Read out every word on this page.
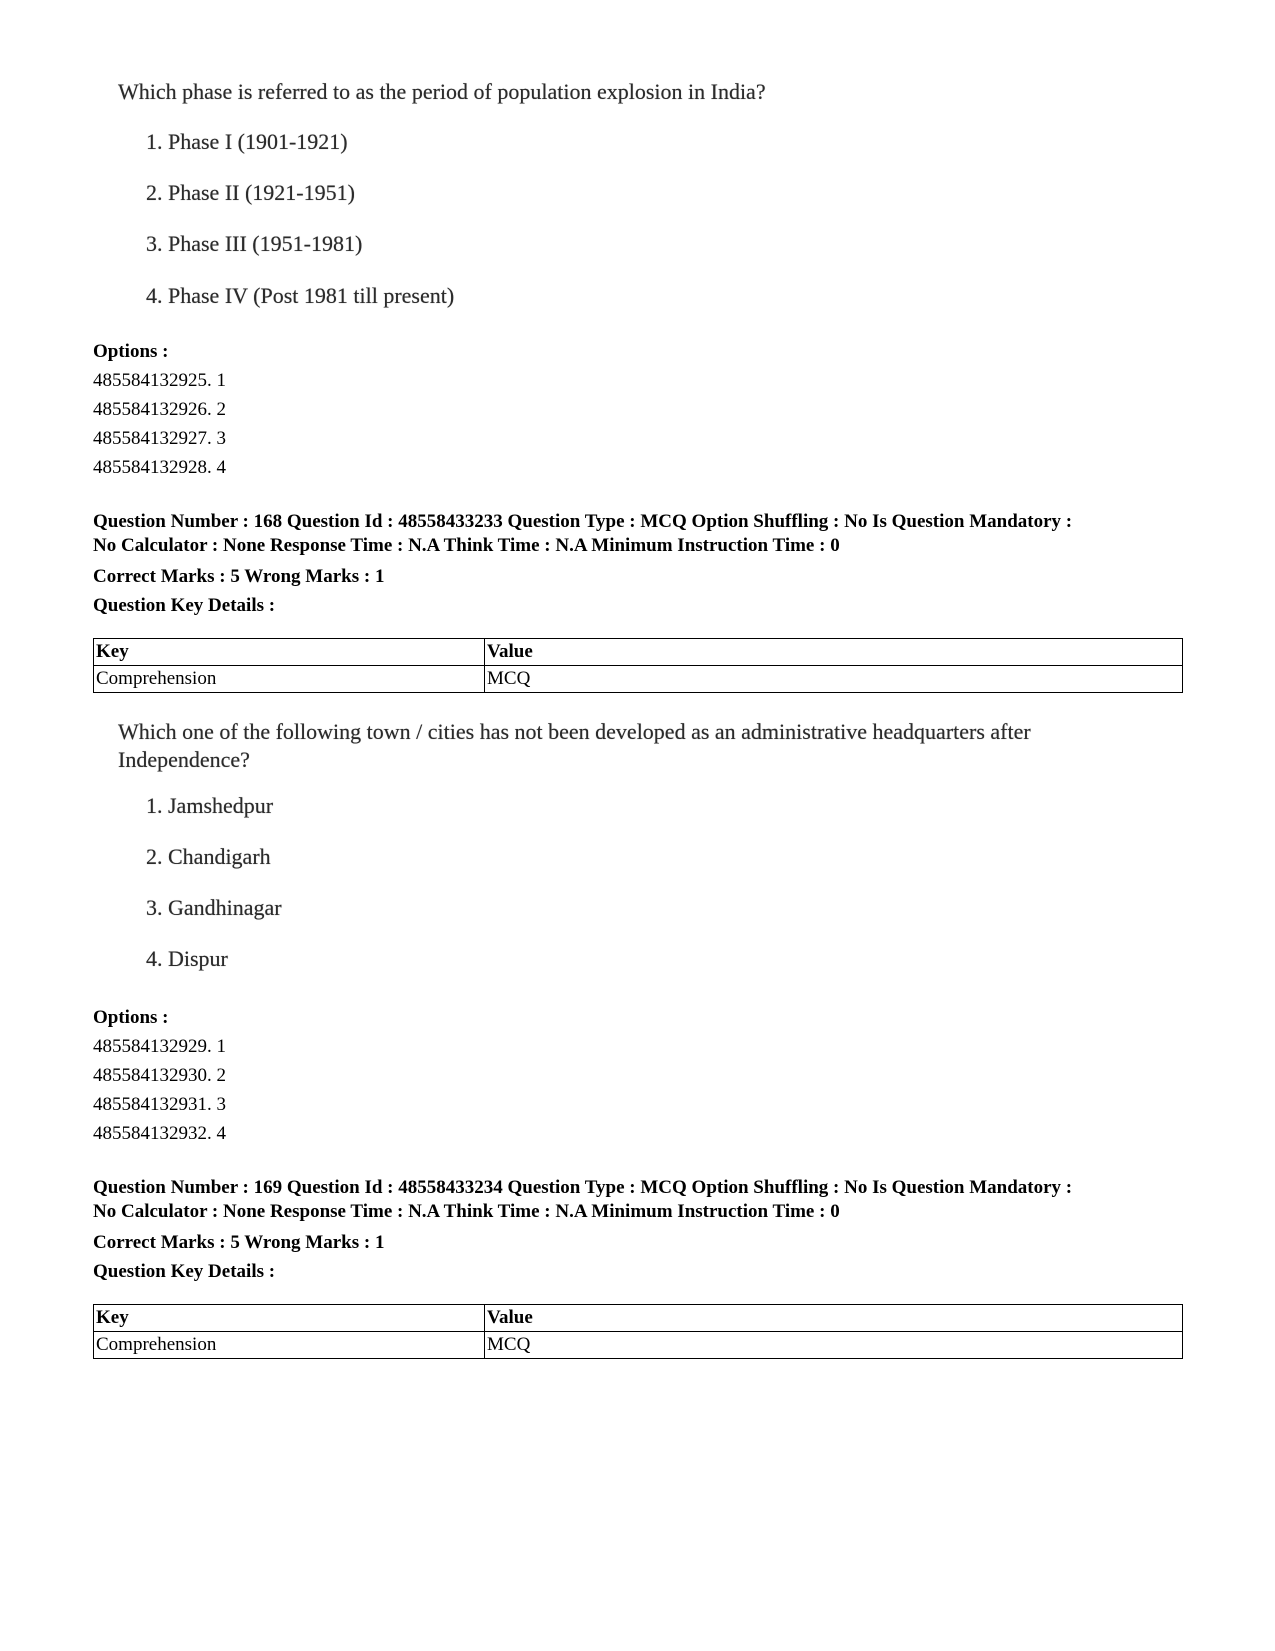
Which phase is referred to as the period of population explosion in India?

1. Phase I (1901-1921)

2. Phase II (1921-1951)

3. Phase III (1951-1981)

4. Phase IV (Post 1981 till present)

Options :
485584132925. 1
485584132926. 2
485584132927. 3
485584132928. 4
Question Number : 168 Question Id : 48558433233 Question Type : MCQ Option Shuffling : No Is Question Mandatory :
No Calculator : None Response Time : N.A Think Time : N.A Minimum Instruction Time : 0
Correct Marks : 5 Wrong Marks : 1
Question Key Details :
Key	Value
Comprehension	MCQ

Which one of the following town / cities has not been developed as an administrative headquarters after

Independence?

1. Jamshedpur

2. Chandigarh

3. Gandhinagar

4. Dispur

Options :
485584132929. 1
485584132930. 2
485584132931. 3
485584132932. 4
Question Number : 169 Question Id : 48558433234 Question Type : MCQ Option Shuffling : No Is Question Mandatory :
No Calculator : None Response Time : N.A Think Time : N.A Minimum Instruction Time : 0
Correct Marks : 5 Wrong Marks : 1
Question Key Details :
Key	Value
Comprehension	MCQ
